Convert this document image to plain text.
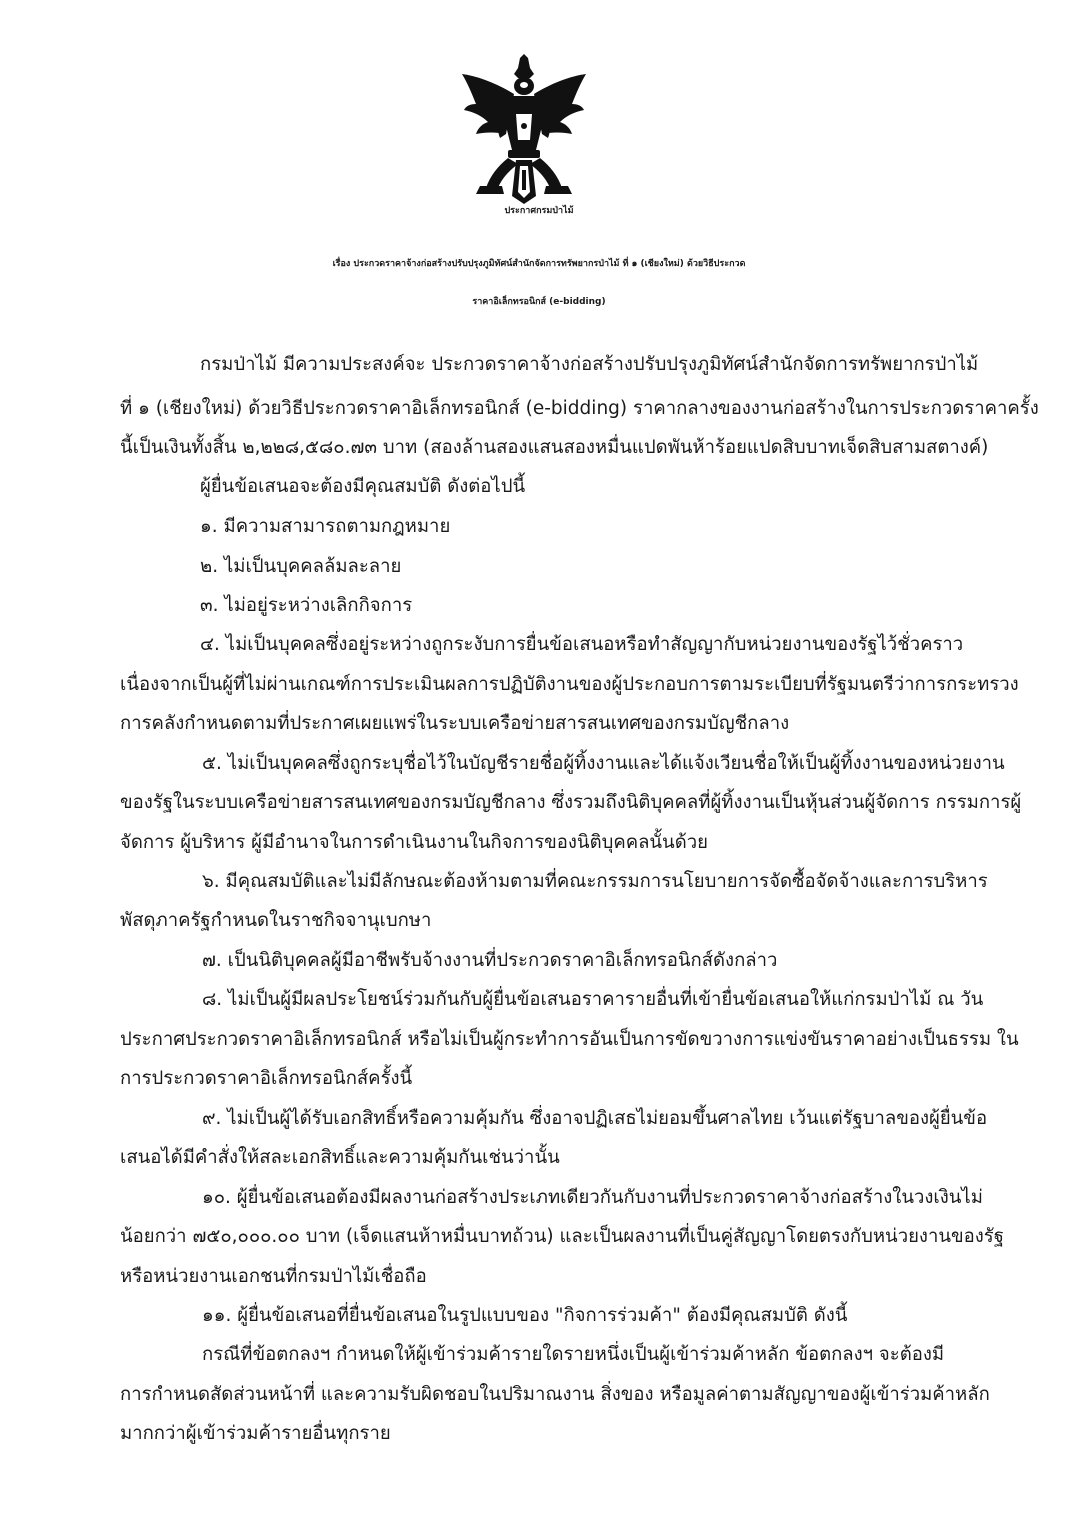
ประกาศกรมป่าไม้
เรื่อง ประกวดราคาจ้างก่อสร้างปรับปรุงภูมิทัศน์สำนักจัดการทรัพยากรป่าไม้ ที่ ๑ (เชียงใหม่) ด้วยวิธีประกวด
ราคาอิเล็กทรอนิกส์ (e-bidding)
กรมป่าไม้ มีความประสงค์จะ ประกวดราคาจ้างก่อสร้างปรับปรุงภูมิทัศน์สำนักจัดการทรัพยากรป่าไม้
ที่ ๑ (เชียงใหม่) ด้วยวิธีประกวดราคาอิเล็กทรอนิกส์ (e-bidding) ราคากลางของงานก่อสร้างในการประกวดราคาครั้ง
นี้เป็นเงินทั้งสิ้น ๒,๒๒๘,๕๘๐.๗๓ บาท (สองล้านสองแสนสองหมื่นแปดพันห้าร้อยแปดสิบบาทเจ็ดสิบสามสตางค์)
ผู้ยื่นข้อเสนอจะต้องมีคุณสมบัติ ดังต่อไปนี้
๑. มีความสามารถตามกฎหมาย
๒. ไม่เป็นบุคคลล้มละลาย
๓. ไม่อยู่ระหว่างเลิกกิจการ
๔. ไม่เป็นบุคคลซึ่งอยู่ระหว่างถูกระงับการยื่นข้อเสนอหรือทำสัญญากับหน่วยงานของรัฐไว้ชั่วคราว
เนื่องจากเป็นผู้ที่ไม่ผ่านเกณฑ์การประเมินผลการปฏิบัติงานของผู้ประกอบการตามระเบียบที่รัฐมนตรีว่าการกระทรวง
การคลังกำหนดตามที่ประกาศเผยแพร่ในระบบเครือข่ายสารสนเทศของกรมบัญชีกลาง
๕. ไม่เป็นบุคคลซึ่งถูกระบุชื่อไว้ในบัญชีรายชื่อผู้ทิ้งงานและได้แจ้งเวียนชื่อให้เป็นผู้ทิ้งงานของหน่วยงาน
ของรัฐในระบบเครือข่ายสารสนเทศของกรมบัญชีกลาง ซึ่งรวมถึงนิติบุคคลที่ผู้ทิ้งงานเป็นหุ้นส่วนผู้จัดการ กรรมการผู้
จัดการ ผู้บริหาร ผู้มีอำนาจในการดำเนินงานในกิจการของนิติบุคคลนั้นด้วย
๖. มีคุณสมบัติและไม่มีลักษณะต้องห้ามตามที่คณะกรรมการนโยบายการจัดซื้อจัดจ้างและการบริหาร
พัสดุภาครัฐกำหนดในราชกิจจานุเบกษา
๗. เป็นนิติบุคคลผู้มีอาชีพรับจ้างงานที่ประกวดราคาอิเล็กทรอนิกส์ดังกล่าว
๘. ไม่เป็นผู้มีผลประโยชน์ร่วมกันกับผู้ยื่นข้อเสนอราคารายอื่นที่เข้ายื่นข้อเสนอให้แก่กรมป่าไม้ ณ วัน
ประกาศประกวดราคาอิเล็กทรอนิกส์ หรือไม่เป็นผู้กระทำการอันเป็นการขัดขวางการแข่งขันราคาอย่างเป็นธรรม ใน
การประกวดราคาอิเล็กทรอนิกส์ครั้งนี้
๙. ไม่เป็นผู้ได้รับเอกสิทธิ์หรือความคุ้มกัน ซึ่งอาจปฏิเสธไม่ยอมขึ้นศาลไทย เว้นแต่รัฐบาลของผู้ยื่นข้อ
เสนอได้มีคำสั่งให้สละเอกสิทธิ์และความคุ้มกันเช่นว่านั้น
๑๐. ผู้ยื่นข้อเสนอต้องมีผลงานก่อสร้างประเภทเดียวกันกับงานที่ประกวดราคาจ้างก่อสร้างในวงเงินไม่
น้อยกว่า ๗๕๐,๐๐๐.๐๐ บาท (เจ็ดแสนห้าหมื่นบาทถ้วน) และเป็นผลงานที่เป็นคู่สัญญาโดยตรงกับหน่วยงานของรัฐ
หรือหน่วยงานเอกชนที่กรมป่าไม้เชื่อถือ
๑๑. ผู้ยื่นข้อเสนอที่ยื่นข้อเสนอในรูปแบบของ "กิจการร่วมค้า" ต้องมีคุณสมบัติ ดังนี้
กรณีที่ข้อตกลงฯ กำหนดให้ผู้เข้าร่วมค้ารายใดรายหนึ่งเป็นผู้เข้าร่วมค้าหลัก ข้อตกลงฯ จะต้องมี
การกำหนดสัดส่วนหน้าที่ และความรับผิดชอบในปริมาณงาน สิ่งของ หรือมูลค่าตามสัญญาของผู้เข้าร่วมค้าหลัก
มากกว่าผู้เข้าร่วมค้ารายอื่นทุกราย
